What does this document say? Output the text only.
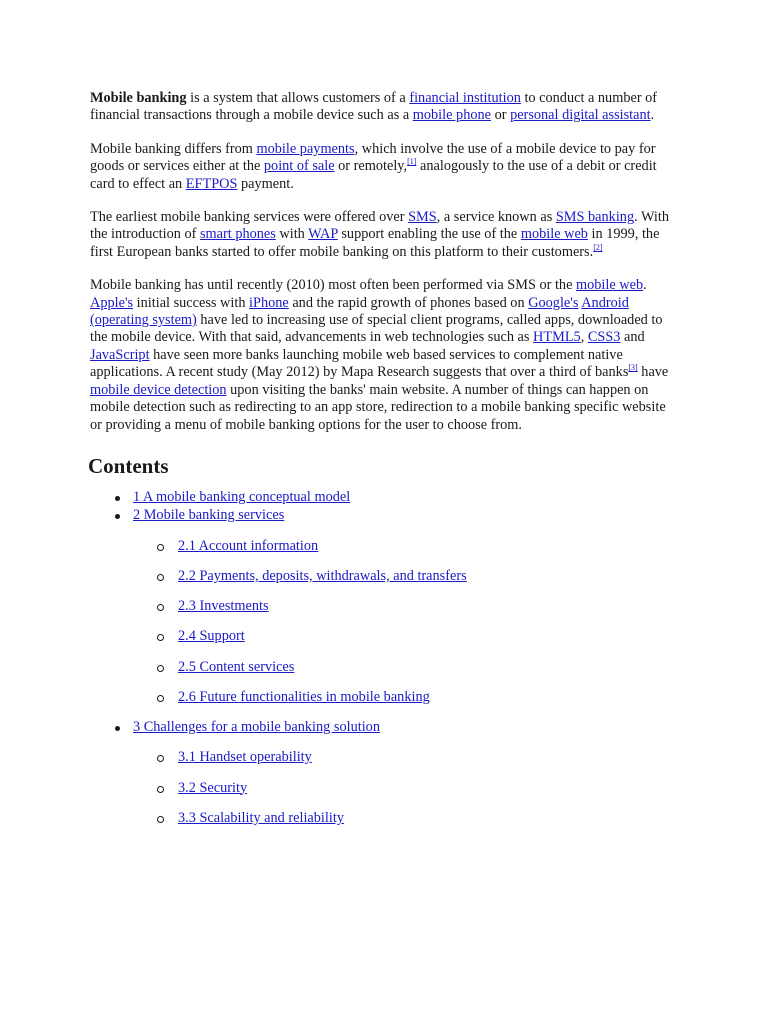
Mobile banking is a system that allows customers of a financial institution to conduct a number of financial transactions through a mobile device such as a mobile phone or personal digital assistant.

Mobile banking differs from mobile payments, which involve the use of a mobile device to pay for goods or services either at the point of sale or remotely,[1] analogously to the use of a debit or credit card to effect an EFTPOS payment.

The earliest mobile banking services were offered over SMS, a service known as SMS banking. With the introduction of smart phones with WAP support enabling the use of the mobile web in 1999, the first European banks started to offer mobile banking on this platform to their customers.[2]

Mobile banking has until recently (2010) most often been performed via SMS or the mobile web. Apple's initial success with iPhone and the rapid growth of phones based on Google's Android (operating system) have led to increasing use of special client programs, called apps, downloaded to the mobile device. With that said, advancements in web technologies such as HTML5, CSS3 and JavaScript have seen more banks launching mobile web based services to complement native applications. A recent study (May 2012) by Mapa Research suggests that over a third of banks[3] have mobile device detection upon visiting the banks' main website. A number of things can happen on mobile detection such as redirecting to an app store, redirection to a mobile banking specific website or providing a menu of mobile banking options for the user to choose from.

Contents
1 A mobile banking conceptual model
2 Mobile banking services
2.1 Account information
2.2 Payments, deposits, withdrawals, and transfers
2.3 Investments
2.4 Support
2.5 Content services
2.6 Future functionalities in mobile banking
3 Challenges for a mobile banking solution
3.1 Handset operability
3.2 Security
3.3 Scalability and reliability
